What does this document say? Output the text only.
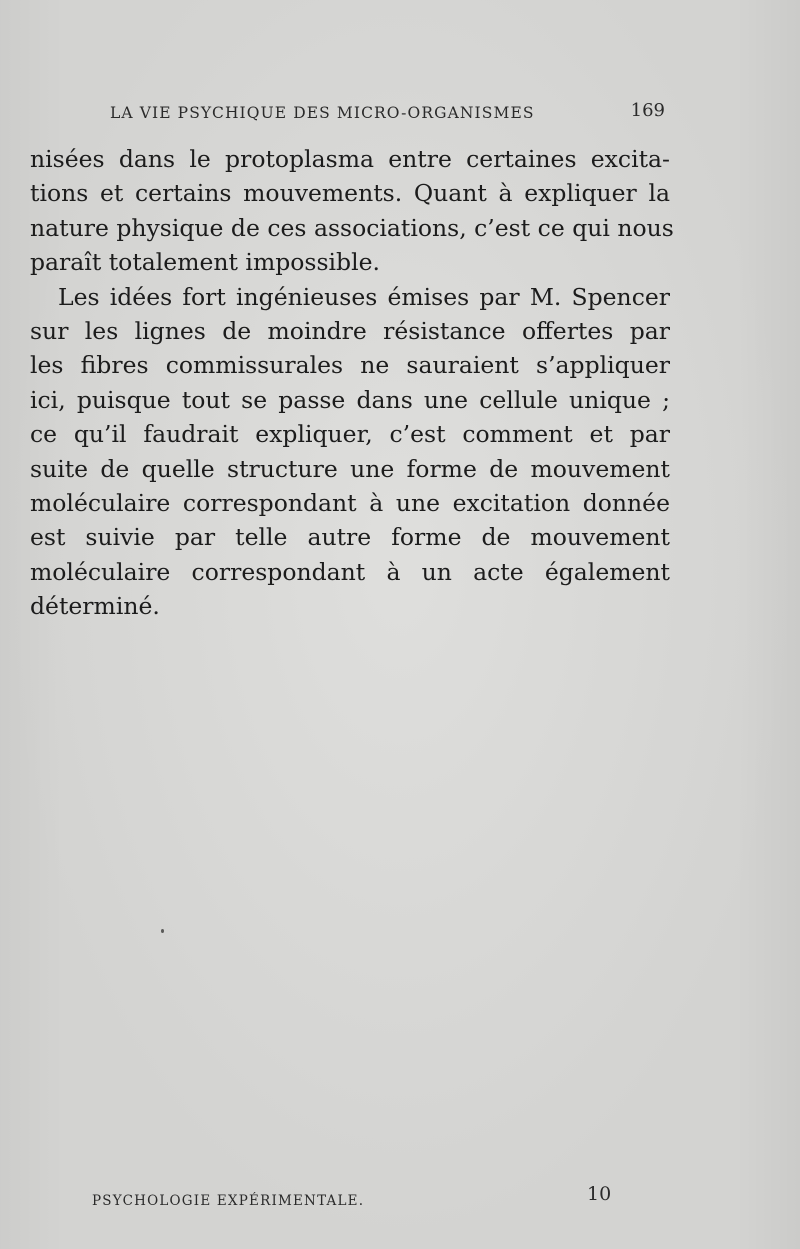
LA VIE PSYCHIQUE DES MICRO-ORGANISMES	169

nisées dans le protoplasma entre certaines excita-
tions et certains mouvements. Quant à expliquer la
nature physique de ces associations, c’est ce qui nous
paraît totalement impossible.

Les idées fort ingénieuses émises par M. Spencer
sur les lignes de moindre résistance offertes par
les fibres commissurales ne sauraient s’appliquer
ici, puisque tout se passe dans une cellule unique ;
ce qu’il faudrait expliquer, c’est comment et par
suite de quelle structure une forme de mouvement
moléculaire correspondant à une excitation donnée
est suivie par telle autre forme de mouvement
moléculaire correspondant à un acte également
déterminé.

PSYCHOLOGIE EXPÉRIMENTALE.	10
